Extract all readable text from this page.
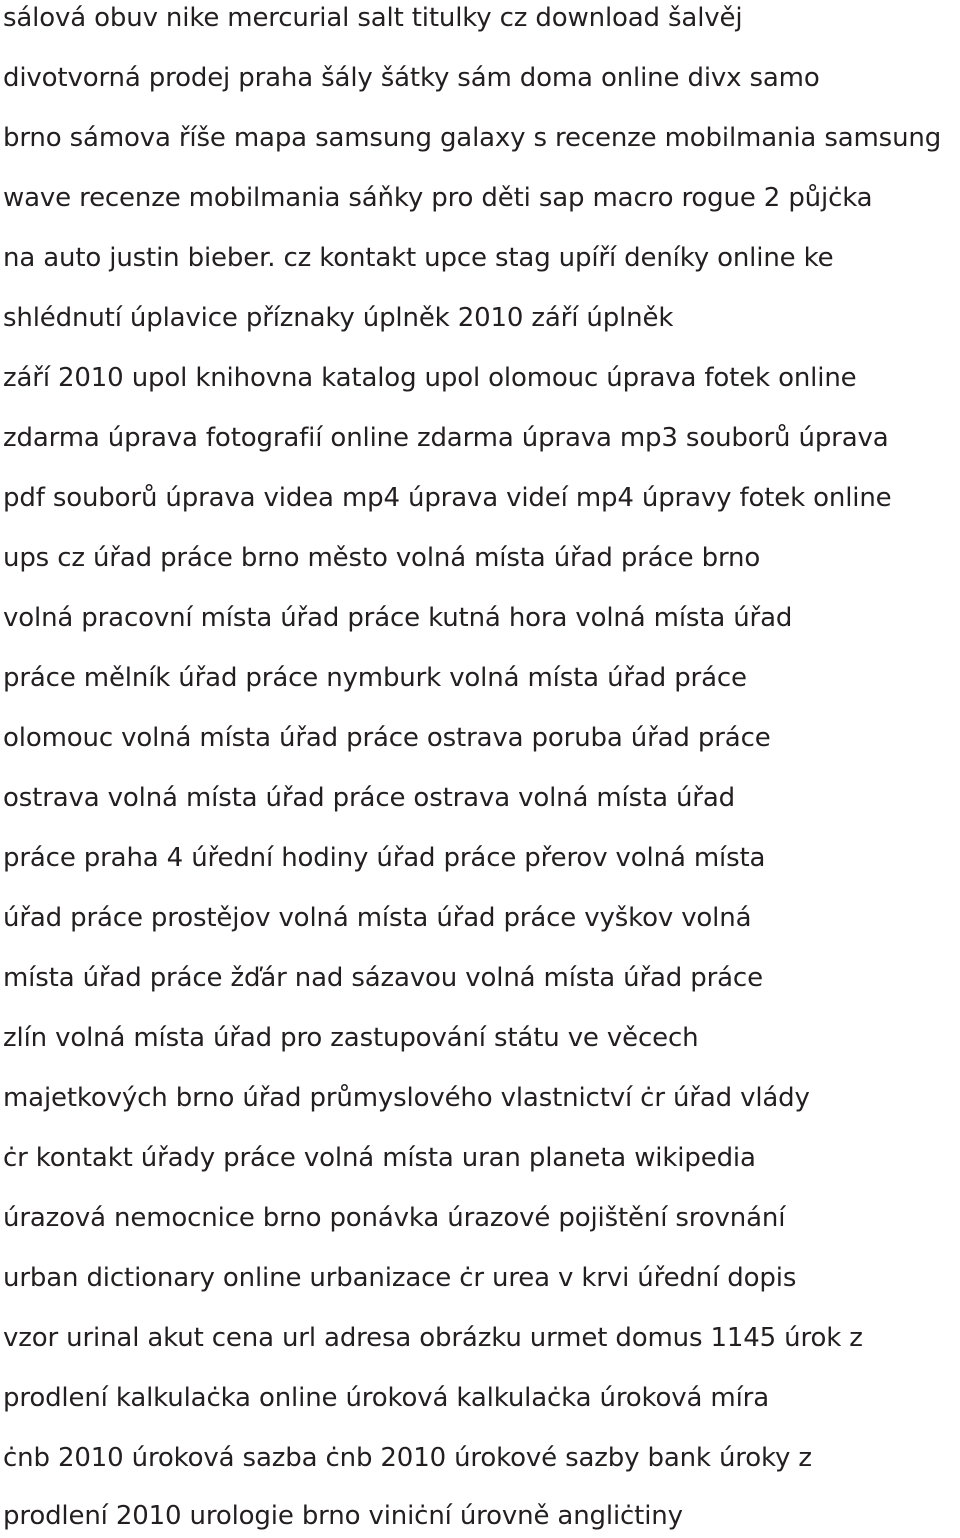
sálová obuv nike mercurial salt titulky cz download šalvěj
divotvorná prodej praha šály šátky sám doma online divx samo
brno sámova říše mapa samsung galaxy s recenze mobilmania samsung
wave recenze mobilmania sáňky pro děti sap macro rogue 2 půjċka
na auto justin bieber. cz kontakt upce stag upíří deníky online ke
shlédnutí úplavice příznaky úplněk 2010 září úplněk
září 2010 upol knihovna katalog upol olomouc úprava fotek online
zdarma úprava fotografií online zdarma úprava mp3 souborů úprava
pdf souborů úprava videa mp4 úprava videí mp4 úpravy fotek online
ups cz úřad práce brno město volná místa úřad práce brno
volná pracovní místa úřad práce kutná hora volná místa úřad
práce mělník úřad práce nymburk volná místa úřad práce
olomouc volná místa úřad práce ostrava poruba úřad práce
ostrava volná místa úřad práce ostrava volná místa úřad
práce praha 4 úřední hodiny úřad práce přerov volná místa
úřad práce prostějov volná místa úřad práce vyškov volná
místa úřad práce žďár nad sázavou volná místa úřad práce
zlín volná místa úřad pro zastupování státu ve věcech
majetkových brno úřad průmyslového vlastnictví ċr úřad vlády
ċr kontakt úřady práce volná místa uran planeta wikipedia
úrazová nemocnice brno ponávka úrazové pojištění srovnání
urban dictionary online urbanizace ċr urea v krvi úřední dopis
vzor urinal akut cena url adresa obrázku urmet domus 1145 úrok z
prodlení kalkulaċka online úroková kalkulaċka úroková míra
ċnb 2010 úroková sazba ċnb 2010 úrokové sazby bank úroky z
prodlení 2010 urologie brno viniċní úrovně angliċtiny
